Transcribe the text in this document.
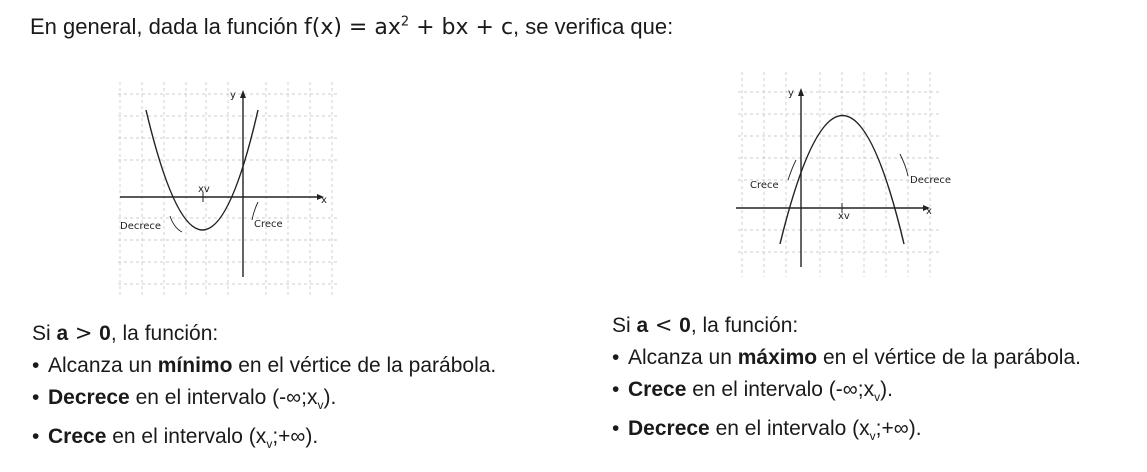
En general, dada la función $f(x) = ax^2$ + bx + c, se verifica que:
y
x
xv
Decrece	Crece
y
x
xv
Crece	Decrece
Si a > 0, la función:
• Alcanza un mínimo en el vértice de la parábola.
• Decrece en el intervalo $(-\infty;x_v)$.
• Crece en el intervalo $(x_v;+\infty)$.
Si a < 0, la función:
• Alcanza un máximo en el vértice de la parábola.
• Crece en el intervalo $(-\infty;x_v)$.
• Decrece en el intervalo $(x_v;+\infty)$.
